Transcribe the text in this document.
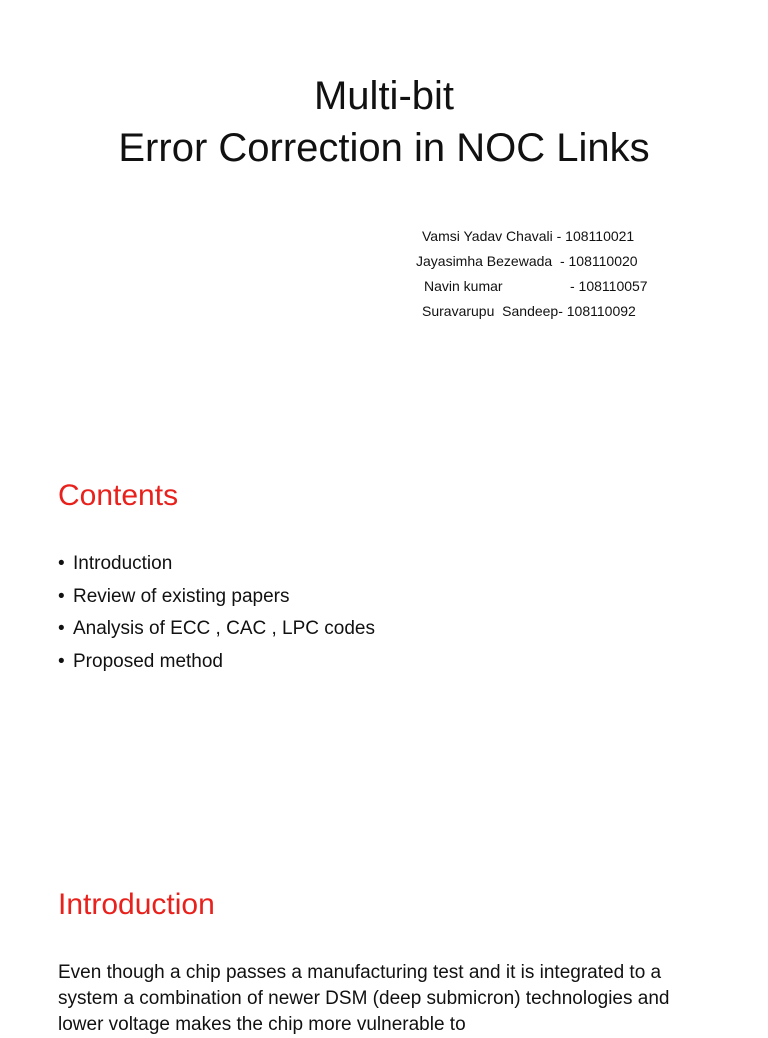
Multi-bit
Error Correction in NOC Links
Vamsi Yadav Chavali
- 108110021
Jayasimha Bezewada - 108110020
Navin kumar	- 108110057
Suravarupu  Sandeep - 108110092
Contents
• Introduction
• Review of existing papers
• Analysis of ECC , CAC , LPC codes
• Proposed method
Introduction
Even though a chip passes a manufacturing test and it is integrated to a system a combination of newer DSM (deep submicron) technologies and lower voltage makes the chip more vulnerable to
